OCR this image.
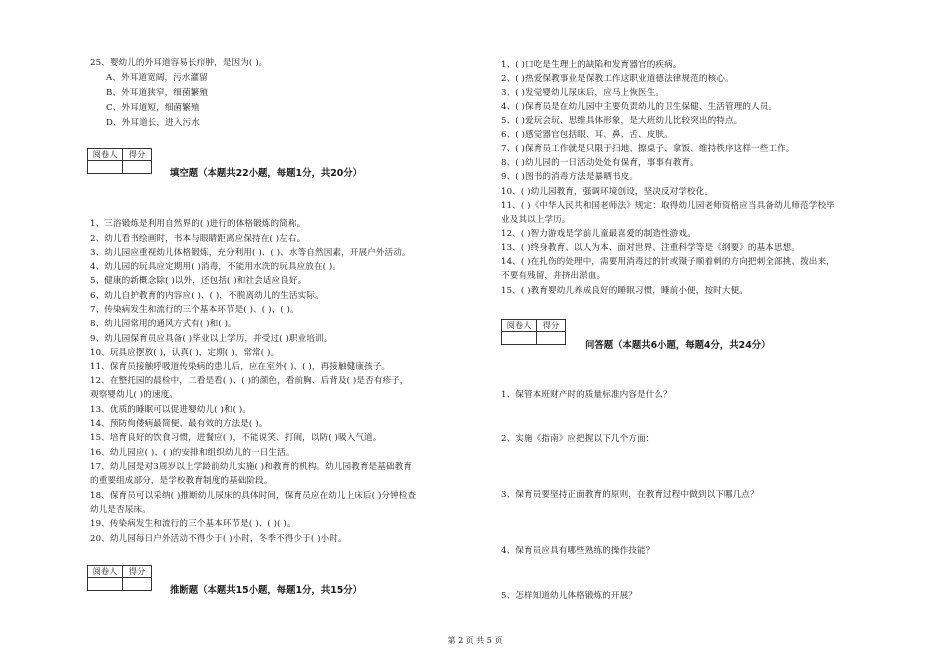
25、婴幼儿的外耳道容易长疖肿，是因为( )。
A、外耳道宽阔，污水灌留
B、外耳道狭窄，细菌繁殖
C、外耳道短，细菌繁殖
D、外耳道长，进入污水
阅卷人	得分

填空题（本题共22小题，每题1分，共20分）
1、三浴锻炼是利用自然界的( )进行的体格锻炼的简称。
2、幼儿看书绘画时，书本与眼睛距离应保持在( )左右。
3、幼儿园应重视幼儿体格锻炼，充分利用( )、( )、水等自然因素，开展户外活动。
4、幼儿园的玩具应定期用( )消毒，不能用水洗的玩具应放在( )。
5、健康的新概念除( )以外，还包括( )和社会适应良好。
6、幼儿自护教育的内容应( )、( )，不脱离幼儿的生活实际。
7、传染病发生和流行的三个基本环节是( )、( )、( )。
8、幼儿园常用的通风方式有( )和( )。
9、幼儿园保育员应具备( )毕业以上学历，并受过( )职业培训。
10、玩具应摆放( )，认真( )，定期( )，常常( )。
11、保育员接触呼吸道传染病的患儿后，应在室外( )、( )，再接触健康孩子。
12、在整托园的晨检中，二看是看( )、( )的颜色，看前胸、后背及( )是否有疹子，
观察婴幼儿( )的速度。
13、优质的睡眠可以促进婴幼儿( )和( )。
14、预防佝偻病最简便、最有效的方法是( )。
15、培育良好的饮食习惯，进餐应( )，不能说笑、打闹，以防( )吸入气道。
16、幼儿园应( )、( )的安排和组织幼儿的一日生活。
17、幼儿园是对3周岁以上学龄前幼儿实施( )和教育的机构。幼儿园教育是基础教育
的重要组成部分，是学校教育制度的基础阶段。
18、保育员可以采纳( )推断幼儿尿床的具体时间，保育员应在幼儿上床后( )分钟检查
幼儿是否尿床。
19、传染病发生和流行的三个基本环节是( )、( )( )。
20、幼儿园每日户外活动不得少于( )小时，冬季不得少于( )小时。
阅卷人	得分

推断题（本题共15小题，每题1分，共15分）
1、( )口吃是生理上的缺陷和发育器官的疾病。
2、( )热爱保教事业是保教工作这职业道德法律规范的核心。
3、( )发觉婴幼儿尿床后，应马上恢医生。
4、( )保育员是在幼儿园中主要负责幼儿的卫生保健、生活管理的人员。
5、( )爱玩会玩、思维具体形象，是大班幼儿比较突出的特点。
6、( )感觉器官包括眼、耳、鼻、舌、皮肤。
7、( )保育员工作就是只限于扫地、擦桌子、拿饭、维持秩序这样一些工作。
8、( )幼儿园的一日活动处处有保育，事事有教育。
9、( )图书的消毒方法是暴晒书皮。
10、( )幼儿园教育，强调环境创设，坚决反对学校化。
11、( )《中华人民共和国老师法》规定：取得幼儿园老师资格应当具备幼儿师范学校毕
业及其以上学历。
12、( )智力游戏是学前儿童最喜爱的制造性游戏。
13、( )终身教育、以人为本、面对世界、注重科学等是《纲要》的基本思想。
14、( )在扎伤的处理中，需要用消毒过的针或镊子顺着刺的方向把刺全部挑、拨出来，
不要有残留，并挤出淤血。
15、( )教育婴幼儿养成良好的睡眠习惯，睡前小便，按时大便。
阅卷人	得分

问答题（本题共6小题，每题4分，共24分）
1、保管本班财产时的质量标准内容是什么？
2、实施《指南》应把握以下几个方面：
3、保育员要坚持正面教育的原则，在教育过程中做到以下哪几点？
4、保育员应具有哪些熟练的操作技能？
5、怎样知道幼儿体格锻炼的开展？
第 2 页 共 5 页
